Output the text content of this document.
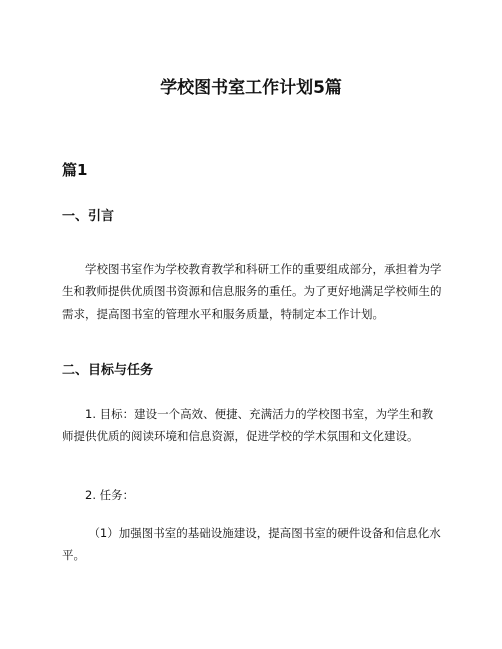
学校图书室工作计划5篇
篇1
一、引言

学校图书室作为学校教育教学和科研工作的重要组成部分，承担着为学生和教师提供优质图书资源和信息服务的重任。为了更好地满足学校师生的需求，提高图书室的管理水平和服务质量，特制定本工作计划。

二、目标与任务

1. 目标：建设一个高效、便捷、充满活力的学校图书室，为学生和教师提供优质的阅读环境和信息资源，促进学校的学术氛围和文化建设。

2. 任务：

（1）加强图书室的基础设施建设，提高图书室的硬件设备和信息化水平。
